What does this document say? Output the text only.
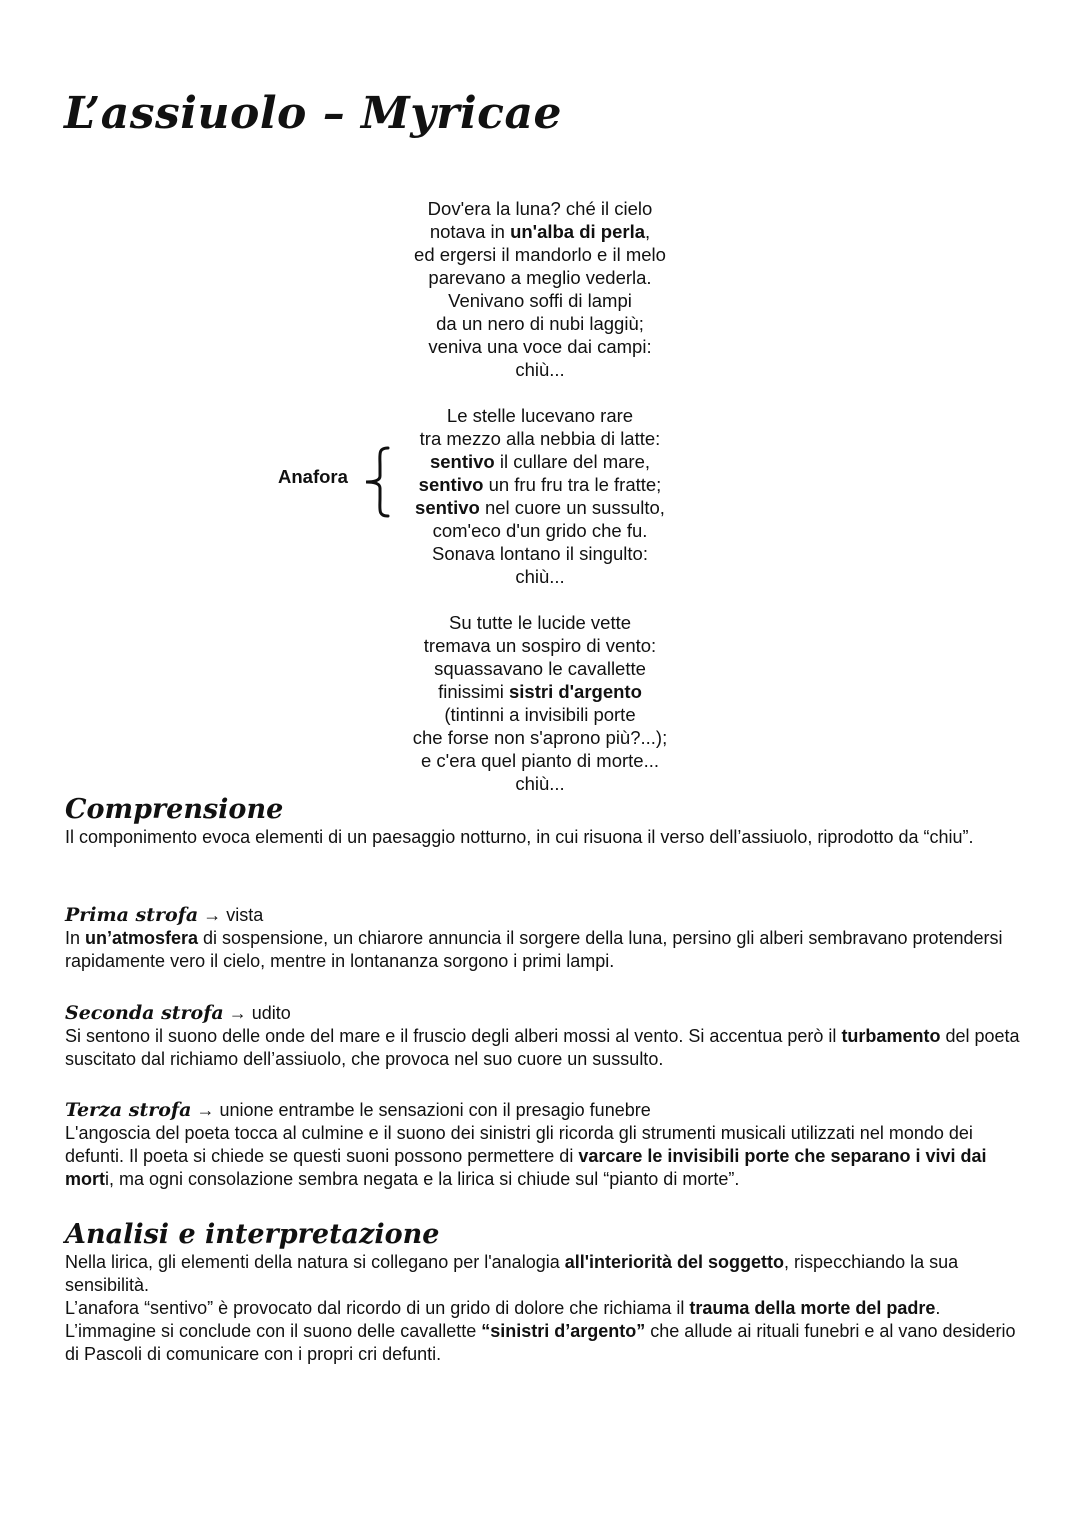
L’assiuolo – Myricae
Dov'era la luna? ché il cielo
notava in un'alba di perla,
ed ergersi il mandorlo e il melo
parevano a meglio vederla.
Venivano soffi di lampi
da un nero di nubi laggiù;
veniva una voce dai campi:
chiù...
Le stelle lucevano rare
tra mezzo alla nebbia di latte:
sentivo il cullare del mare,
sentivo un fru fru tra le fratte;
sentivo nel cuore un sussulto,
com'eco d'un grido che fu.
Sonava lontano il singulto:
chiù...
Su tutte le lucide vette
tremava un sospiro di vento:
squassavano le cavallette
finissimi sistri d'argento
(tintinni a invisibili porte
che forse non s'aprono più?...);
e c'era quel pianto di morte...
chiù...
Anafora
Comprensione

Il componimento evoca elementi di un paesaggio notturno, in cui risuona il verso dell’assiuolo, riprodotto da “chiu”.

Prima strofa → vista

In un’atmosfera di sospensione, un chiarore annuncia il sorgere della luna, persino gli alberi sembravano protendersi rapidamente vero il cielo, mentre in lontananza sorgono i primi lampi.

Seconda strofa → udito

Si sentono il suono delle onde del mare e il fruscio degli alberi mossi al vento. Si accentua però il turbamento del poeta suscitato dal richiamo dell’assiuolo, che provoca nel suo cuore un sussulto.

Terza strofa → unione entrambe le sensazioni con il presagio funebre

L'angoscia del poeta tocca al culmine e il suono dei sinistri gli ricorda gli strumenti musicali utilizzati nel mondo dei defunti. Il poeta si chiede se questi suoni possono permettere di varcare le invisibili porte che separano i vivi dai morti, ma ogni consolazione sembra negata e la lirica si chiude sul “pianto di morte”.

Analisi e interpretazione

Nella lirica, gli elementi della natura si collegano per l'analogia all'interiorità del soggetto, rispecchiando la sua sensibilità.
L’anafora “sentivo” è provocato dal ricordo di un grido di dolore che richiama il trauma della morte del padre.
L’immagine si conclude con il suono delle cavallette “sinistri d’argento” che allude ai rituali funebri e al vano desiderio di Pascoli di comunicare con i propri cri defunti.
